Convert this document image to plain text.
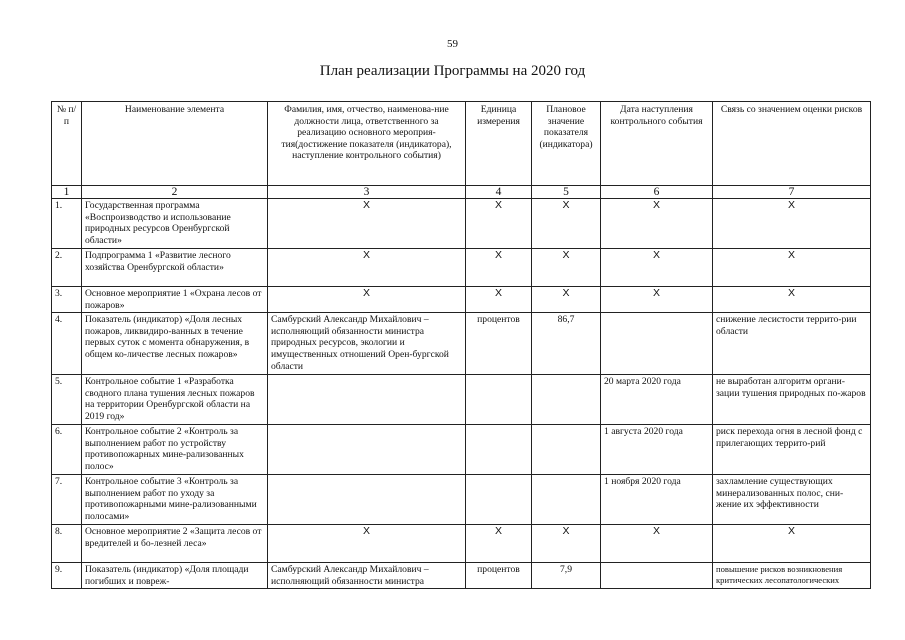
59
План реализации Программы на 2020 год
№ п/п	Наименование элемента	Фамилия, имя, отчество, наименова-ние должности лица, ответственного за реализацию основного мероприя-тия(достижение показателя (индикатора), наступление контрольного события)	Единица измерения	Плановое значение показателя (индикатора)	Дата наступления контрольного события	Связь со значением оценки рисков
1	2	3	4	5	6	7
1.	Государственная программа «Воспроизводство и использование природных ресурсов Оренбургской области»	X	X	X	X	X
2.	Подпрограмма 1 «Развитие лесного хозяйства Оренбургской области»	X	X	X	X	X
3.	Основное мероприятие 1 «Охрана лесов от пожаров»	X	X	X	X	X
4.	Показатель (индикатор) «Доля лесных пожаров, ликвидиро-ванных в течение первых суток с момента обнаружения, в общем ко-личестве лесных пожаров»	Самбурский Александр Михайлович – исполняющий обязанности министра природных ресурсов, экологии и имущественных отношений Орен-бургской области	процентов	86,7		снижение лесистости террито-рии области
5.	Контрольное событие 1 «Разработка сводного плана тушения лесных пожаров на территории Оренбургской области на 2019 год»				20 марта 2020 года	не выработан алгоритм органи-зации тушения природных по-жаров
6.	Контрольное событие 2 «Контроль за выполнением работ по устройству противопожарных мине-рализованных полос»				1 августа 2020 года	риск перехода огня в лесной фонд с прилегающих террито-рий
7.	Контрольное событие 3 «Контроль за выполнением работ по уходу за противопожарными мине-рализованными полосами»				1 ноября 2020 года	захламление существующих минерализованных полос, сни-жение их эффективности
8.	Основное мероприятие 2 «Защита лесов от вредителей и бо-лезней леса»	X	X	X	X	X
9.	Показатель (индикатор) «Доля площади погибших и повреж-	Самбурский Александр Михайлович – исполняющий обязанности министра	процентов	7,9		повышение рисков возникновения критических лесопатологических
